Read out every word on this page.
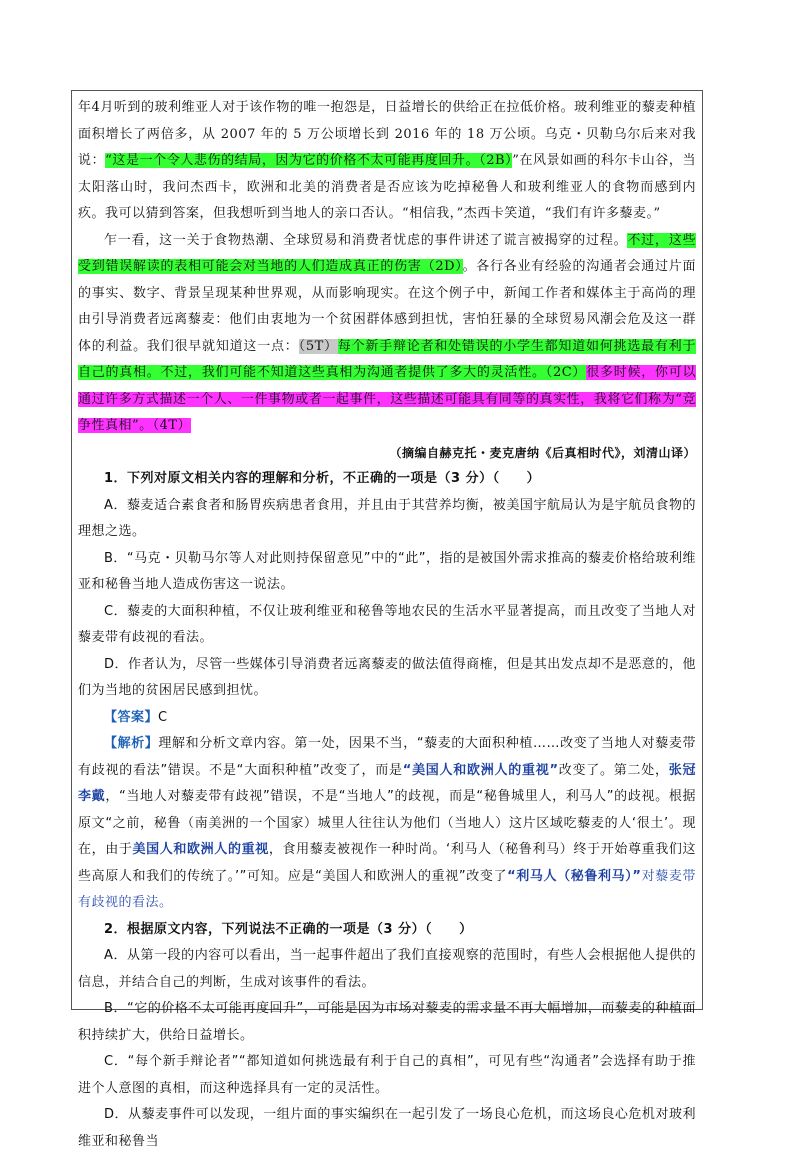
年4月听到的玻利维亚人对于该作物的唯一抱怨是，日益增长的供给正在拉低价格。玻利维亚的藜麦种植面积增长了两倍多，从 2007 年的 5 万公顷增长到 2016 年的 18 万公顷。乌克・贝勒乌尔后来对我说：“这是一个令人悲伤的结局，因为它的价格不太可能再度回升。（2B）”在风景如画的科尔卡山谷，当太阳落山时，我问杰西卡，欧洲和北美的消费者是否应该为吃掉秘鲁人和玻利维亚人的食物而感到内疚。我可以猜到答案，但我想听到当地人的亲口否认。“相信我，”杰西卡笑道，“我们有许多藜麦。”

乍一看，这一关于食物热潮、全球贸易和消费者忧虑的事件讲述了谎言被揭穿的过程。不过，这些受到错误解读的表相可能会对当地的人们造成真正的伤害（2D）。各行各业有经验的沟通者会通过片面的事实、数字、背景呈现某种世界观，从而影响现实。在这个例子中，新闻工作者和媒体主于高尚的理由引导消费者远离藜麦：他们由衷地为一个贫困群体感到担忧，害怕狂暴的全球贸易风潮会危及这一群体的利益。我们很早就知道这一点：（5T）每个新手辩论者和处错误的小学生都知道如何挑选最有利于自己的真相。不过，我们可能不知道这些真相为沟通者提供了多大的灵活性。（2C）很多时候，你可以通过许多方式描述一个人、一件事物或者一起事件，这些描述可能具有同等的真实性，我将它们称为“竞争性真相”。（4T）

（摘编自赫克托・麦克唐纳《后真相时代》，刘清山译）

1．下列对原文相关内容的理解和分析，不正确的一项是（3 分）（　　）

A．藜麦适合素食者和肠胃疾病患者食用，并且由于其营养均衡，被美国宇航局认为是宇航员食物的理想之选。

B．“马克・贝勒马尔等人对此则持保留意见”中的“此”，指的是被国外需求推高的藜麦价格给玻利维亚和秘鲁当地人造成伤害这一说法。

C．藜麦的大面积种植，不仅让玻利维亚和秘鲁等地农民的生活水平显著提高，而且改变了当地人对藜麦带有歧视的看法。

D．作者认为，尽管一些媒体引导消费者远离藜麦的做法值得商榷，但是其出发点却不是恶意的，他们为当地的贫困居民感到担忧。

【答案】C

【解析】理解和分析文章内容。第一处，因果不当，“藜麦的大面积种植……改变了当地人对藜麦带有歧视的看法”错误。不是“大面积种植”改变了，而是“美国人和欧洲人的重视”改变了。第二处，张冠李戴，“当地人对藜麦带有歧视”错误，不是“当地人”的歧视，而是“秘鲁城里人，利马人”的歧视。根据原文“之前，秘鲁（南美洲的一个国家）城里人往往认为他们（当地人）这片区域吃藜麦的人‘很土’。现在，由于美国人和欧洲人的重视，食用藜麦被视作一种时尚。‘利马人（秘鲁利马）终于开始尊重我们这些高原人和我们的传统了。’”可知。应是“美国人和欧洲人的重视”改变了“利马人（秘鲁利马）”对藜麦带有歧视的看法。

2．根据原文内容，下列说法不正确的一项是（3 分）（　　）

A．从第一段的内容可以看出，当一起事件超出了我们直接观察的范围时，有些人会根据他人提供的信息，并结合自己的判断，生成对该事件的看法。

B．“它的价格不太可能再度回升”，可能是因为市场对藜麦的需求量不再大幅增加，而藜麦的种植面积持续扩大，供给日益增长。

C．“每个新手辩论者”“都知道如何挑选最有利于自己的真相”，可见有些“沟通者”会选择有助于推进个人意图的真相，而这种选择具有一定的灵活性。

D．从藜麦事件可以发现，一组片面的事实编织在一起引发了一场良心危机，而这场良心危机对玻利维亚和秘鲁当
